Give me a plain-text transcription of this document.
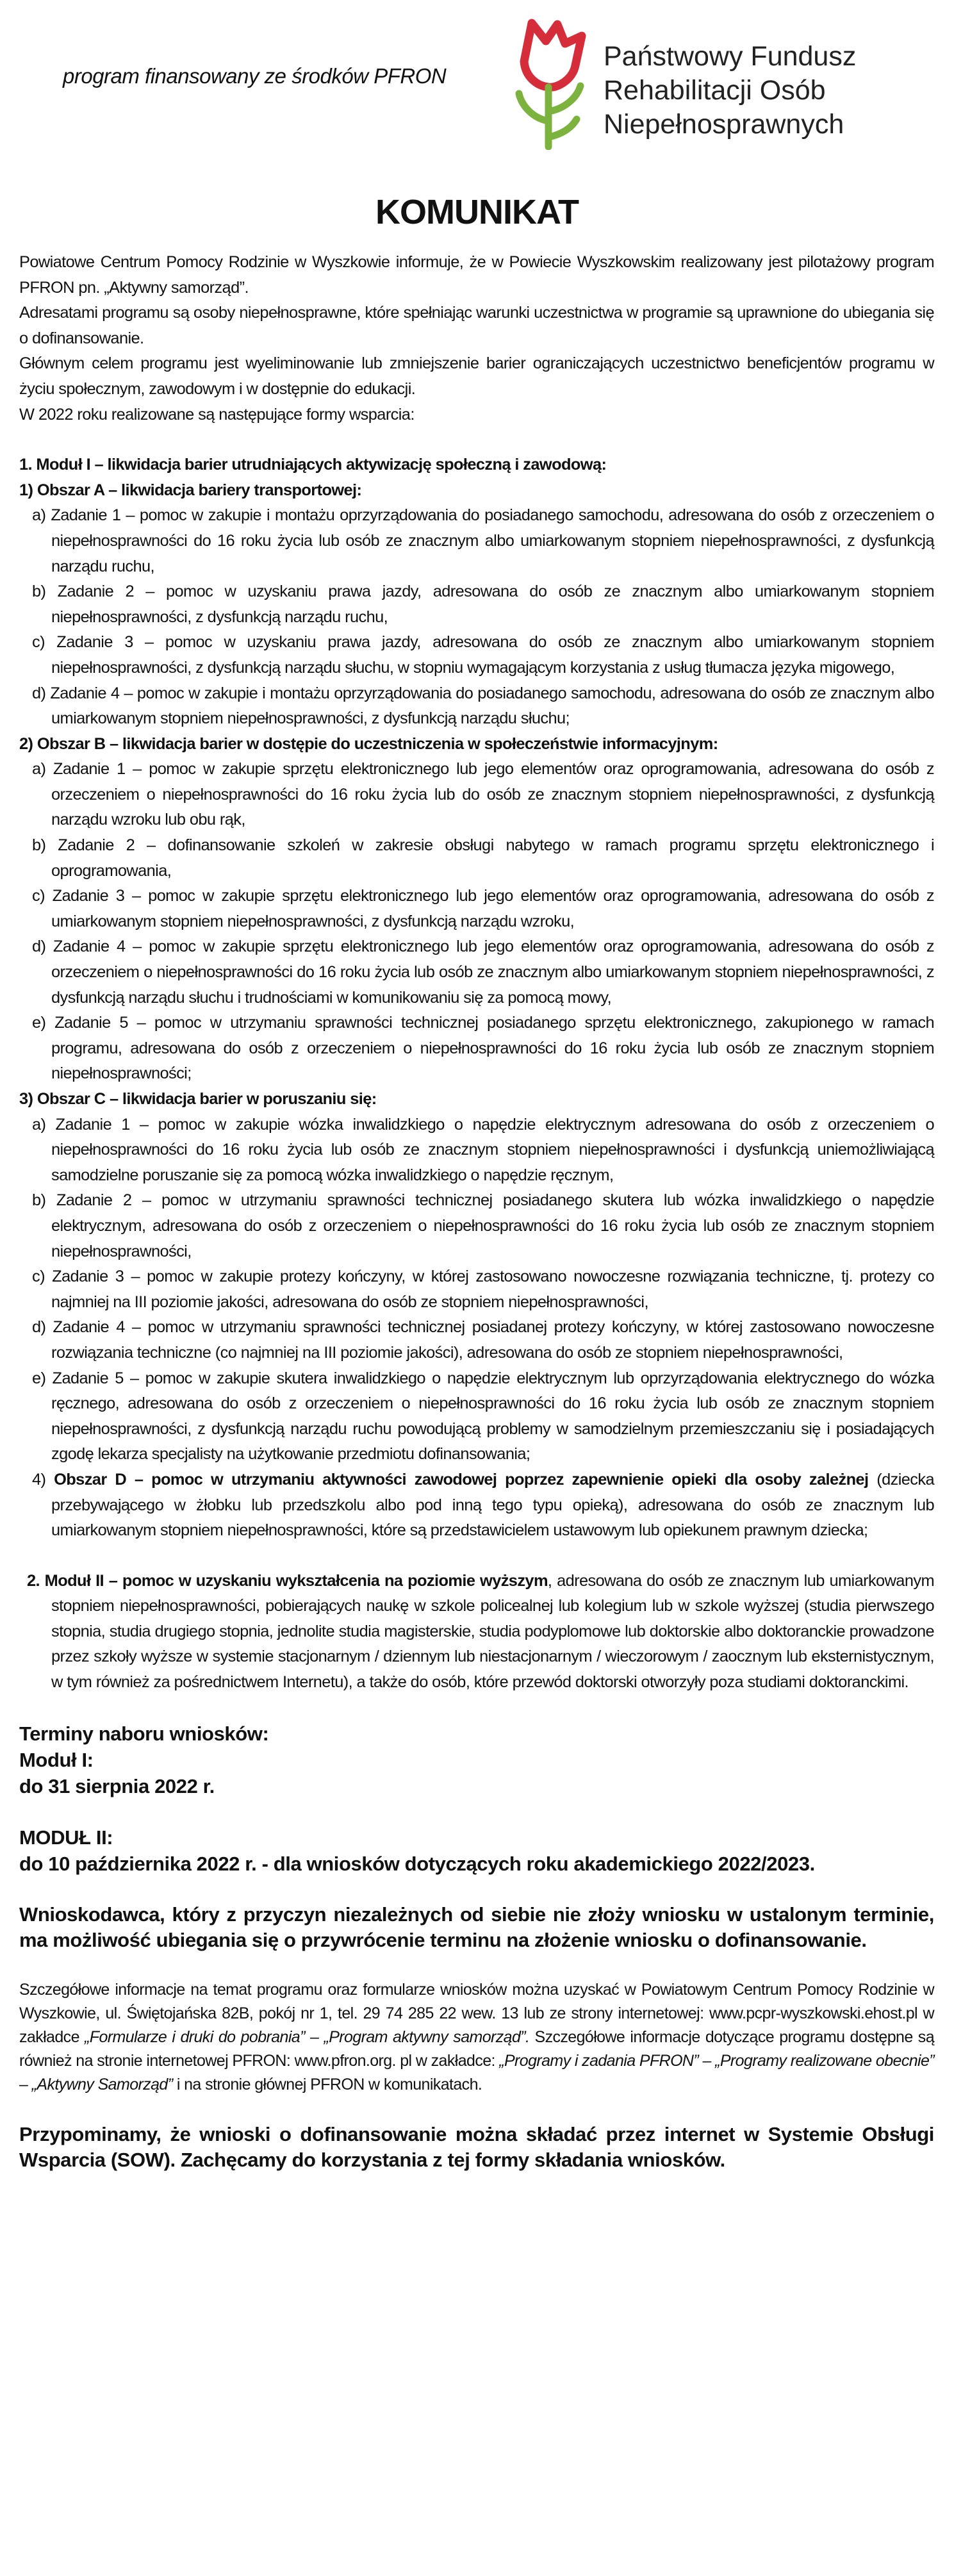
program finansowany ze środków PFRON
Państwowy Fundusz
Rehabilitacji Osób
Niepełnosprawnych
KOMUNIKAT

Powiatowe Centrum Pomocy Rodzinie w Wyszkowie informuje, że w Powiecie Wyszkowskim realizowany jest pilotażowy program PFRON pn. „Aktywny samorząd”.

Adresatami programu są osoby niepełnosprawne, które spełniając warunki uczestnictwa w programie są uprawnione do ubiegania się o dofinansowanie.

Głównym celem programu jest wyeliminowanie lub zmniejszenie barier ograniczających uczestnictwo beneficjentów programu w życiu społecznym, zawodowym i w dostępnie do edukacji.

W 2022 roku realizowane są następujące formy wsparcia:

1. Moduł I – likwidacja barier utrudniających aktywizację społeczną i zawodową:

1) Obszar A – likwidacja bariery transportowej:

a) Zadanie 1 – pomoc w zakupie i montażu oprzyrządowania do posiadanego samochodu, adresowana do osób z orzeczeniem o niepełnosprawności do 16 roku życia lub osób ze znacznym albo umiarkowanym stopniem niepełnosprawności, z dysfunkcją narządu ruchu,

b) Zadanie 2 – pomoc w uzyskaniu prawa jazdy, adresowana do osób ze znacznym albo umiarkowanym stopniem niepełnosprawności, z dysfunkcją narządu ruchu,

c) Zadanie 3 – pomoc w uzyskaniu prawa jazdy, adresowana do osób ze znacznym albo umiarkowanym stopniem niepełnosprawności, z dysfunkcją narządu słuchu, w stopniu wymagającym korzystania z usług tłumacza języka migowego,

d) Zadanie 4 – pomoc w zakupie i montażu oprzyrządowania do posiadanego samochodu, adresowana do osób ze znacznym albo umiarkowanym stopniem niepełnosprawności, z dysfunkcją narządu słuchu;

2) Obszar B – likwidacja barier w dostępie do uczestniczenia w społeczeństwie informacyjnym:

a) Zadanie 1 – pomoc w zakupie sprzętu elektronicznego lub jego elementów oraz oprogramowania, adresowana do osób z orzeczeniem o niepełnosprawności do 16 roku życia lub do osób ze znacznym stopniem niepełnosprawności, z dysfunkcją narządu wzroku lub obu rąk,

b) Zadanie 2 – dofinansowanie szkoleń w zakresie obsługi nabytego w ramach programu sprzętu elektronicznego i oprogramowania,

c) Zadanie 3 – pomoc w zakupie sprzętu elektronicznego lub jego elementów oraz oprogramowania, adresowana do osób z umiarkowanym stopniem niepełnosprawności, z dysfunkcją narządu wzroku,

d) Zadanie 4 – pomoc w zakupie sprzętu elektronicznego lub jego elementów oraz oprogramowania, adresowana do osób z orzeczeniem o niepełnosprawności do 16 roku życia lub osób ze znacznym albo umiarkowanym stopniem niepełnosprawności, z dysfunkcją narządu słuchu i trudnościami w komunikowaniu się za pomocą mowy,

e) Zadanie 5 – pomoc w utrzymaniu sprawności technicznej posiadanego sprzętu elektronicznego, zakupionego w ramach programu, adresowana do osób z orzeczeniem o niepełnosprawności do 16 roku życia lub osób ze znacznym stopniem niepełnosprawności;

3) Obszar C – likwidacja barier w poruszaniu się:

a) Zadanie 1 – pomoc w zakupie wózka inwalidzkiego o napędzie elektrycznym adresowana do osób z orzeczeniem o niepełnosprawności do 16 roku życia lub osób ze znacznym stopniem niepełnosprawności i dysfunkcją uniemożliwiającą samodzielne poruszanie się za pomocą wózka inwalidzkiego o napędzie ręcznym,

b) Zadanie 2 – pomoc w utrzymaniu sprawności technicznej posiadanego skutera lub wózka inwalidzkiego o napędzie elektrycznym, adresowana do osób z orzeczeniem o niepełnosprawności do 16 roku życia lub osób ze znacznym stopniem niepełnosprawności,

c) Zadanie 3 – pomoc w zakupie protezy kończyny, w której zastosowano nowoczesne rozwiązania techniczne, tj. protezy co najmniej na III poziomie jakości, adresowana do osób ze stopniem niepełnosprawności,

d) Zadanie 4 – pomoc w utrzymaniu sprawności technicznej posiadanej protezy kończyny, w której zastosowano nowoczesne rozwiązania techniczne (co najmniej na III poziomie jakości), adresowana do osób ze stopniem niepełnosprawności,

e) Zadanie 5 – pomoc w zakupie skutera inwalidzkiego o napędzie elektrycznym lub oprzyrządowania elektrycznego do wózka ręcznego, adresowana do osób z orzeczeniem o niepełnosprawności do 16 roku życia lub osób ze znacznym stopniem niepełnosprawności, z dysfunkcją narządu ruchu powodującą problemy w samodzielnym przemieszczaniu się i posiadających zgodę lekarza specjalisty na użytkowanie przedmiotu dofinansowania;

4) Obszar D – pomoc w utrzymaniu aktywności zawodowej poprzez zapewnienie opieki dla osoby zależnej (dziecka przebywającego w żłobku lub przedszkolu albo pod inną tego typu opieką), adresowana do osób ze znacznym lub umiarkowanym stopniem niepełnosprawności, które są przedstawicielem ustawowym lub opiekunem prawnym dziecka;

2. Moduł II – pomoc w uzyskaniu wykształcenia na poziomie wyższym, adresowana do osób ze znacznym lub umiarkowanym stopniem niepełnosprawności, pobierających naukę w szkole policealnej lub kolegium lub w szkole wyższej (studia pierwszego stopnia, studia drugiego stopnia, jednolite studia magisterskie, studia podyplomowe lub doktorskie albo doktoranckie prowadzone przez szkoły wyższe w systemie stacjonarnym / dziennym lub niestacjonarnym / wieczorowym / zaocznym lub eksternistycznym, w tym również za pośrednictwem Internetu), a także do osób, które przewód doktorski otworzyły poza studiami doktoranckimi.

Terminy naboru wniosków:
Moduł I:
do 31 sierpnia 2022 r.
MODUŁ II:
do 10 października 2022 r. - dla wniosków dotyczących roku akademickiego 2022/2023.

Wnioskodawca, który z przyczyn niezależnych od siebie nie złoży wniosku w ustalonym terminie, ma możliwość ubiegania się o przywrócenie terminu na złożenie wniosku o dofinansowanie.

Szczegółowe informacje na temat programu oraz formularze wniosków można uzyskać w Powiatowym Centrum Pomocy Rodzinie w Wyszkowie, ul. Świętojańska 82B, pokój nr 1, tel. 29 74 285 22 wew. 13 lub ze strony internetowej: www.pcpr-wyszkowski.ehost.pl w zakładce „Formularze i druki do pobrania” – „Program aktywny samorząd”. Szczegółowe informacje dotyczące programu dostępne są również na stronie internetowej PFRON: www.pfron.org. pl w zakładce: „Programy i zadania PFRON” – „Programy realizowane obecnie” – „Aktywny Samorząd” i na stronie głównej PFRON w komunikatach.

Przypominamy, że wnioski o dofinansowanie można składać przez internet w Systemie Obsługi Wsparcia (SOW). Zachęcamy do korzystania z tej formy składania wniosków.
